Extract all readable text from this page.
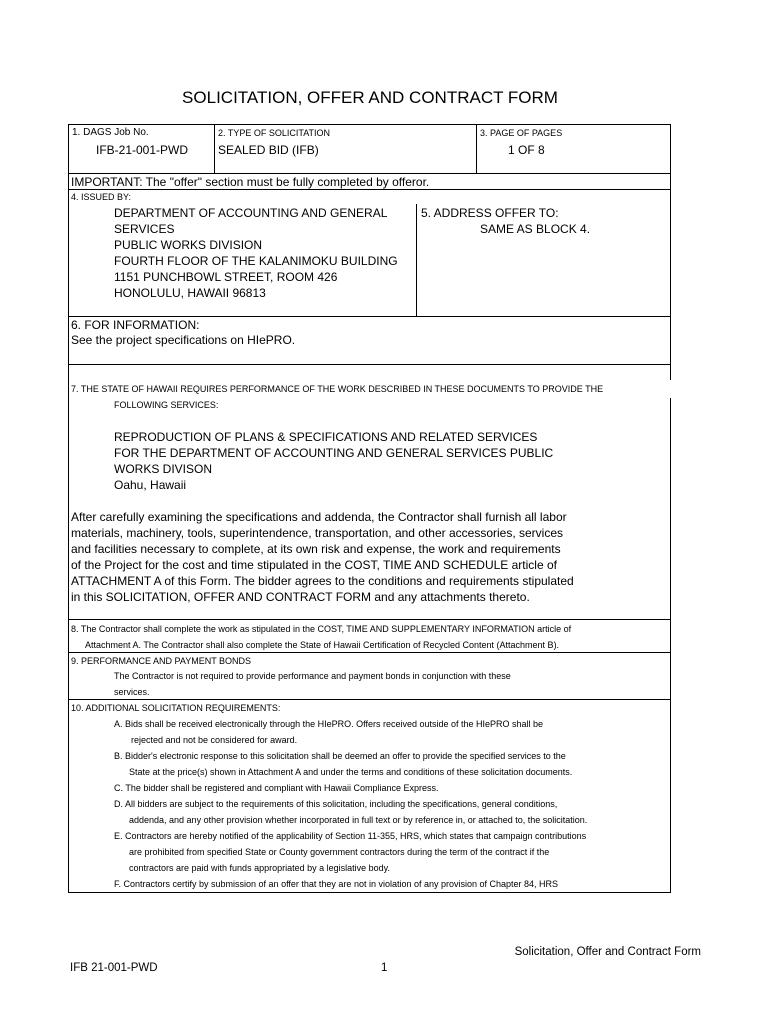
SOLICITATION, OFFER AND CONTRACT FORM
1. DAGS Job No.
IFB-21-001-PWD
2. TYPE OF SOLICITATION
SEALED BID (IFB)
3. PAGE OF PAGES
1 OF 8
IMPORTANT: The "offer" section must be fully completed by offeror.
4. ISSUED BY:
DEPARTMENT OF ACCOUNTING AND GENERAL
SERVICES
PUBLIC WORKS DIVISION
FOURTH FLOOR OF THE KALANIMOKU BUILDING
1151 PUNCHBOWL STREET, ROOM 426
HONOLULU, HAWAII 96813
5. ADDRESS OFFER TO:
SAME AS BLOCK 4.
6. FOR INFORMATION:
See the project specifications on HIePRO.
7. THE STATE OF HAWAII REQUIRES PERFORMANCE OF THE WORK DESCRIBED IN THESE DOCUMENTS TO PROVIDE THE
FOLLOWING SERVICES:
REPRODUCTION OF PLANS & SPECIFICATIONS AND RELATED SERVICES
FOR THE DEPARTMENT OF ACCOUNTING AND GENERAL SERVICES PUBLIC
WORKS DIVISON
Oahu, Hawaii
After carefully examining the specifications and addenda, the Contractor shall furnish all labor
materials, machinery, tools, superintendence, transportation, and other accessories, services
and facilities necessary to complete, at its own risk and expense, the work and requirements
of the Project for the cost and time stipulated in the COST, TIME AND SCHEDULE article of
ATTACHMENT A of this Form. The bidder agrees to the conditions and requirements stipulated
in this SOLICITATION, OFFER AND CONTRACT FORM and any attachments thereto.
8. The Contractor shall complete the work as stipulated in the COST, TIME AND SUPPLEMENTARY INFORMATION article of
Attachment A. The Contractor shall also complete the State of Hawaii Certification of Recycled Content (Attachment B).
9. PERFORMANCE AND PAYMENT BONDS
The Contractor is not required to provide performance and payment bonds in conjunction with these
services.
10. ADDITIONAL SOLICITATION REQUIREMENTS:
A. Bids shall be received electronically through the HIePRO. Offers received outside of the HIePRO shall be
rejected and not be considered for award.
B. Bidder's electronic response to this solicitation shall be deemed an offer to provide the specified services to the
State at the price(s) shown in Attachment A and under the terms and conditions of these solicitation documents.
C. The bidder shall be registered and compliant with Hawaii Compliance Express.
D. All bidders are subject to the requirements of this solicitation, including the specifications, general conditions,
addenda, and any other provision whether incorporated in full text or by reference in, or attached to, the solicitation.
E. Contractors are hereby notified of the applicability of Section 11-355, HRS, which states that campaign contributions
are prohibited from specified State or County government contractors during the term of the contract if the
contractors are paid with funds appropriated by a legislative body.
F. Contractors certify by submission of an offer that they are not in violation of any provision of Chapter 84, HRS
Solicitation, Offer and Contract Form
IFB 21-001-PWD	1
